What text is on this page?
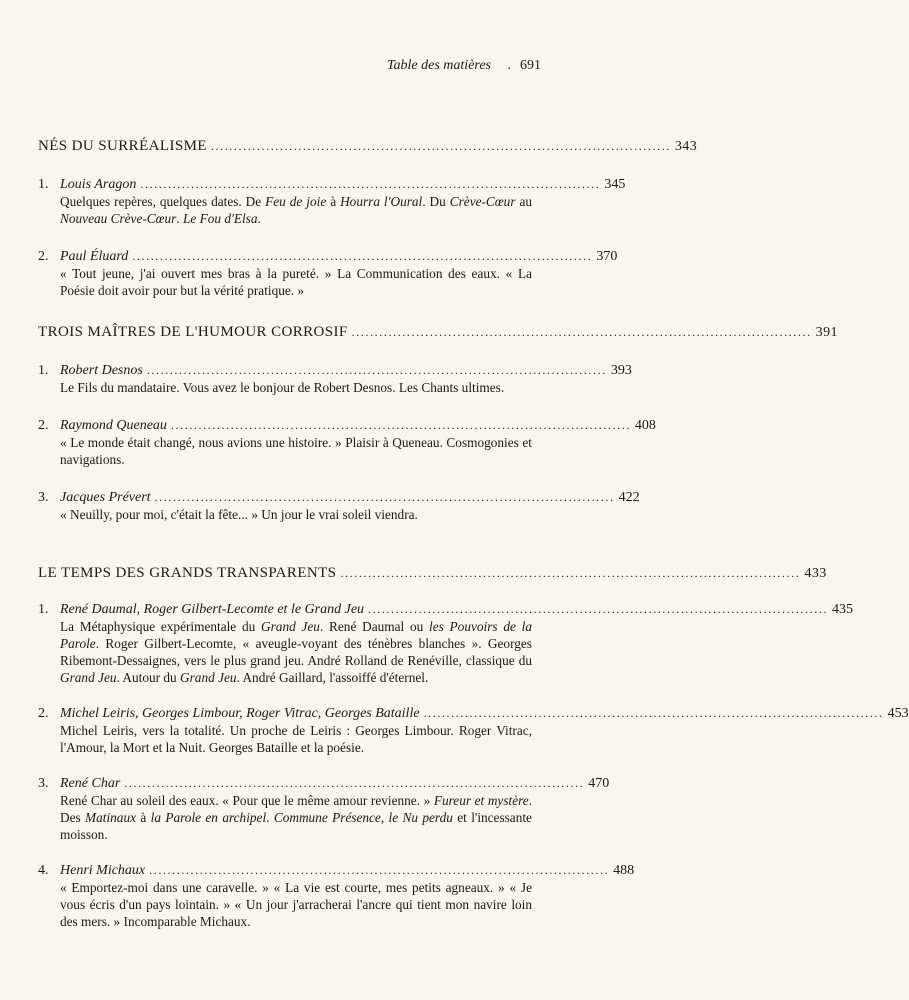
Table des matières . 691
NÉS DU SURRÉALISME .................................................................................................... 343
1. Louis Aragon .................................................................................................... 345
Quelques repères, quelques dates. De Feu de joie à Hourra l'Oural. Du Crève-Cœur au Nouveau Crève-Cœur. Le Fou d'Elsa.
2. Paul Éluard .................................................................................................... 370
« Tout jeune, j'ai ouvert mes bras à la pureté. » La Communication des eaux. « La Poésie doit avoir pour but la vérité pratique. »
TROIS MAÎTRES DE L'HUMOUR CORROSIF .................................................................................................... 391
1. Robert Desnos .................................................................................................... 393
Le Fils du mandataire. Vous avez le bonjour de Robert Desnos. Les Chants ultimes.
2. Raymond Queneau .................................................................................................... 408
« Le monde était changé, nous avions une histoire. » Plaisir à Queneau. Cosmogonies et navigations.
3. Jacques Prévert .................................................................................................... 422
« Neuilly, pour moi, c'était la fête... » Un jour le vrai soleil viendra.
LE TEMPS DES GRANDS TRANSPARENTS .................................................................................................... 433
1. René Daumal, Roger Gilbert-Lecomte et le Grand Jeu .................................................................................................... 435
La Métaphysique expérimentale du Grand Jeu. René Daumal ou les Pouvoirs de la Parole. Roger Gilbert-Lecomte, « aveugle-voyant des ténèbres blanches ». Georges Ribemont-Dessaignes, vers le plus grand jeu. André Rolland de Renéville, classique du Grand Jeu. Autour du Grand Jeu. André Gaillard, l'assoiffé d'éternel.
2. Michel Leiris, Georges Limbour, Roger Vitrac, Georges Bataille .................................................................................................... 453
Michel Leiris, vers la totalité. Un proche de Leiris : Georges Limbour. Roger Vitrac, l'Amour, la Mort et la Nuit. Georges Bataille et la poésie.
3. René Char .................................................................................................... 470
René Char au soleil des eaux. « Pour que le même amour revienne. » Fureur et mystère. Des Matinaux à la Parole en archipel. Commune Présence, le Nu perdu et l'incessante moisson.
4. Henri Michaux .................................................................................................... 488
« Emportez-moi dans une caravelle. » « La vie est courte, mes petits agneaux. » « Je vous écris d'un pays lointain. » « Un jour j'arracherai l'ancre qui tient mon navire loin des mers. » Incomparable Michaux.
